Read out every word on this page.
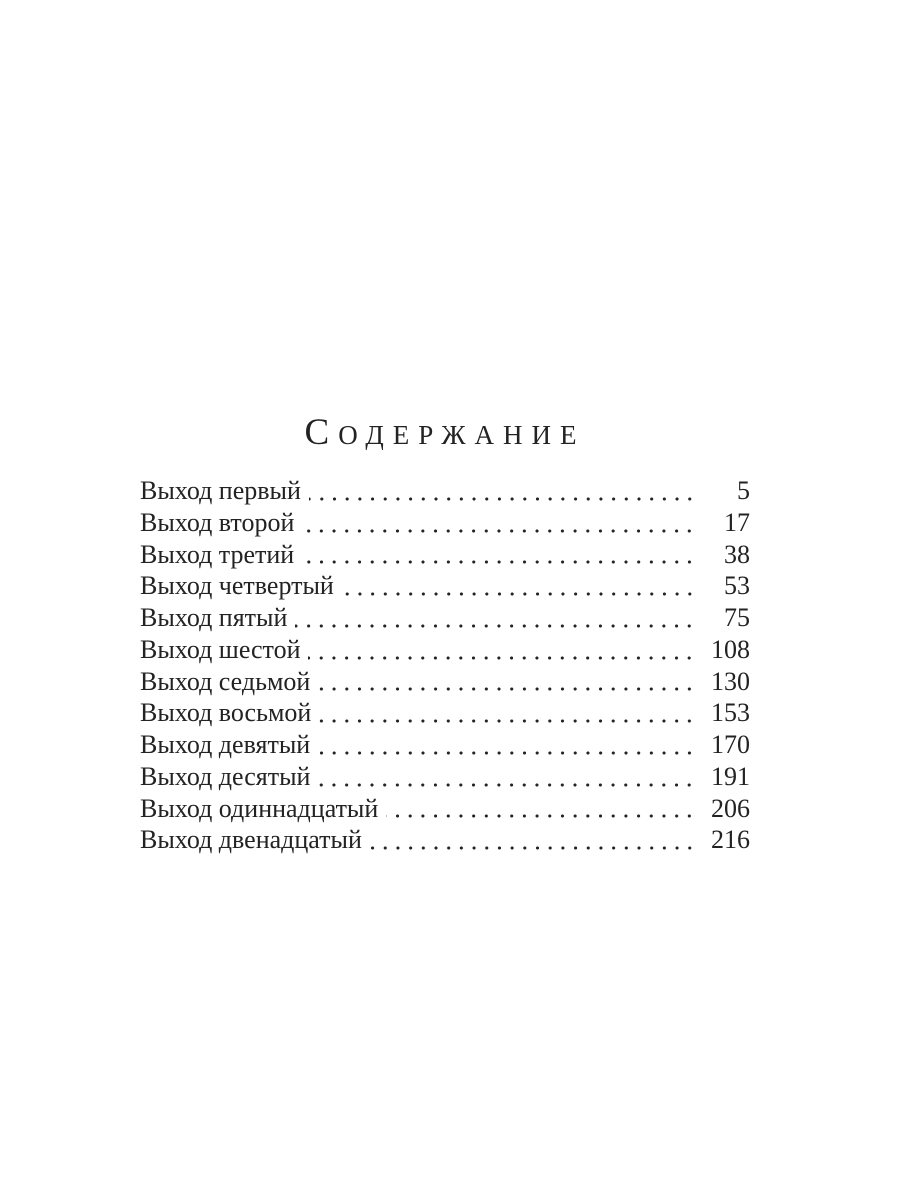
СОДЕРЖАНИЕ
Выход первый	5
Выход второй	17
Выход третий	38
Выход четвертый	53
Выход пятый	75
Выход шестой	108
Выход седьмой	130
Выход восьмой	153
Выход девятый	170
Выход десятый	191
Выход одиннадцатый	206
Выход двенадцатый	216
